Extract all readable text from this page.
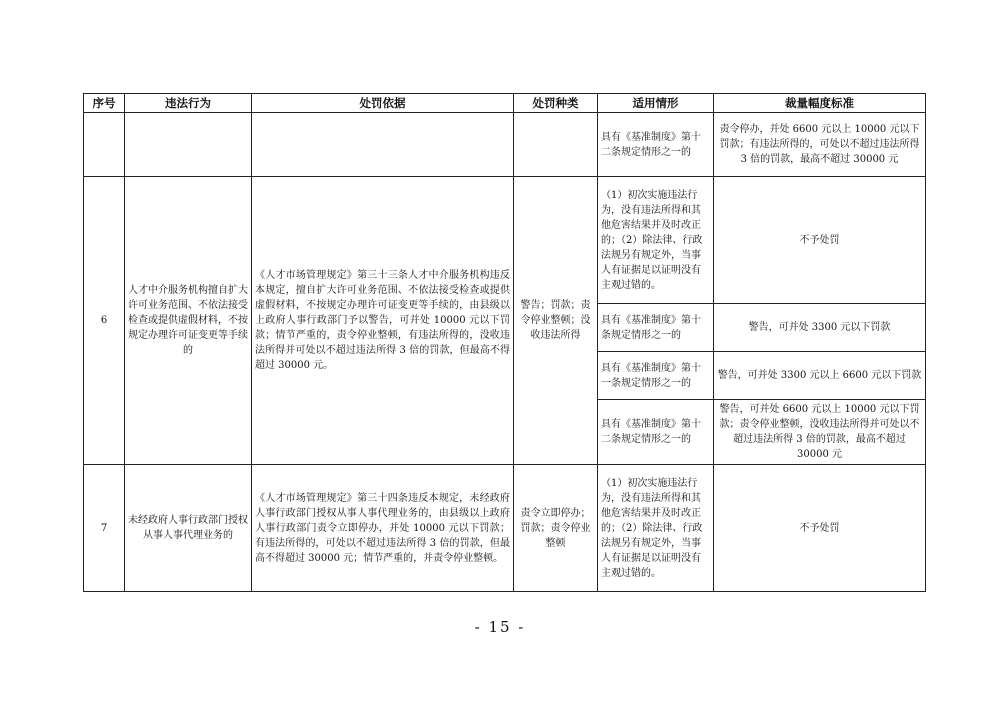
序号	违法行为	处罚依据	处罚种类	适用情形	裁量幅度标准
				具有《基准制度》第十二条规定情形之一的	责令停办，并处 6600 元以上 10000 元以下罚款；有违法所得的，可处以不超过违法所得 3 倍的罚款，最高不超过 30000 元
6	人才中介服务机构擅自扩大许可业务范围、不依法接受检查或提供虚假材料，不按规定办理许可证变更等手续的	《人才市场管理规定》第三十三条人才中介服务机构违反本规定，擅自扩大许可业务范围、不依法接受检查或提供虚假材料，不按规定办理许可证变更等手续的，由县级以上政府人事行政部门予以警告，可并处 10000 元以下罚款；情节严重的，责令停业整顿，有违法所得的，没收违法所得并可处以不超过违法所得 3 倍的罚款，但最高不得超过 30000 元。	警告；罚款；责令停业整顿；没收违法所得	（1）初次实施违法行为，没有违法所得和其他危害结果并及时改正的；（2）除法律、行政法规另有规定外，当事人有证据足以证明没有主观过错的。	不予处罚
				具有《基准制度》第十条规定情形之一的	警告，可并处 3300 元以下罚款
				具有《基准制度》第十一条规定情形之一的	警告，可并处 3300 元以上 6600 元以下罚款
				具有《基准制度》第十二条规定情形之一的	警告，可并处 6600 元以上 10000 元以下罚款；责令停业整顿，没收违法所得并可处以不超过违法所得 3 倍的罚款，最高不超过 30000 元
7	未经政府人事行政部门授权从事人事代理业务的	《人才市场管理规定》第三十四条违反本规定，未经政府人事行政部门授权从事人事代理业务的，由县级以上政府人事行政部门责令立即停办，并处 10000 元以下罚款；有违法所得的，可处以不超过违法所得 3 倍的罚款，但最高不得超过 30000 元；情节严重的，并责令停业整顿。	责令立即停办；罚款；责令停业整顿	（1）初次实施违法行为，没有违法所得和其他危害结果并及时改正的；（2）除法律、行政法规另有规定外，当事人有证据足以证明没有主观过错的。	不予处罚
- 15 -
